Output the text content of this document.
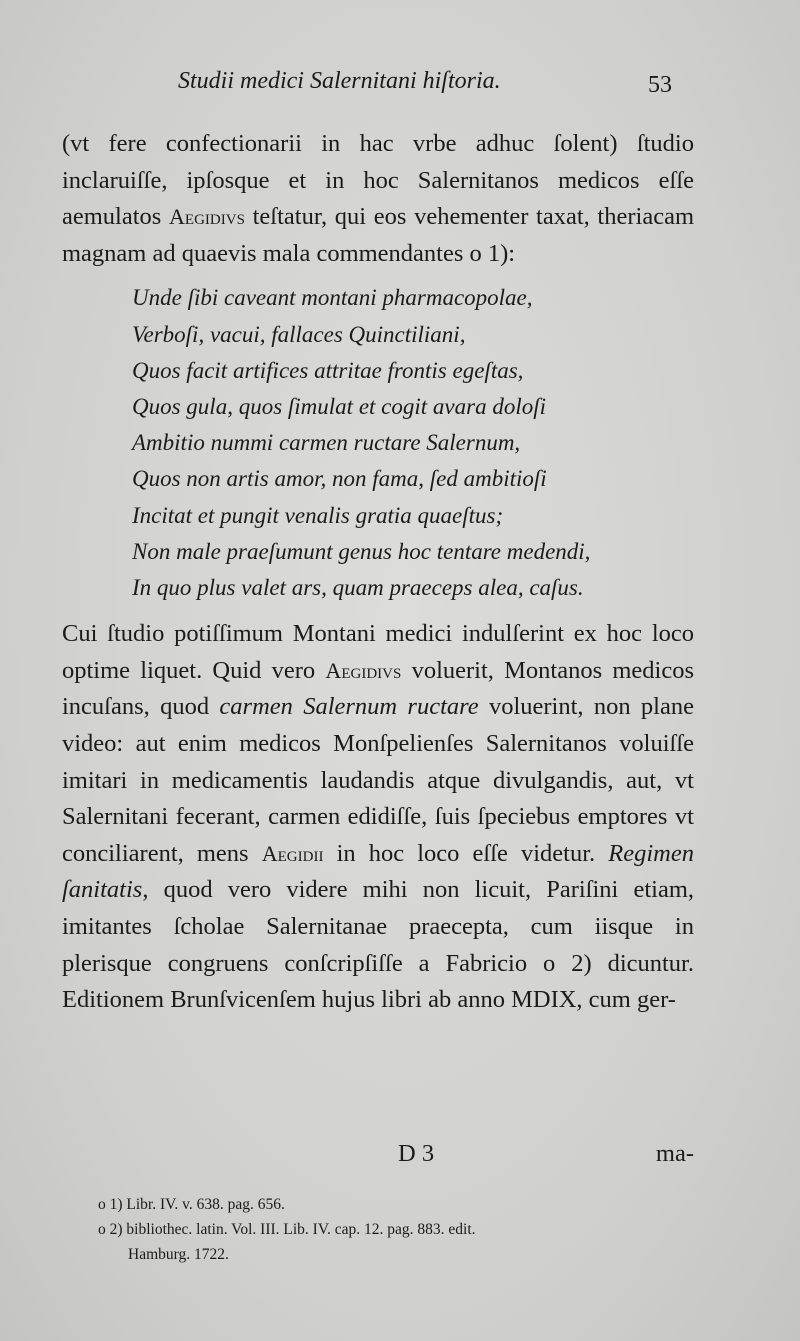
Studii medici Salernitani hiſtoria.	53

(vt fere confectionarii in hac vrbe adhuc ſolent) ſtudio inclaruiſſe, ipſosque et in hoc Salernitanos medicos eſſe aemulatos Aegidivs teſtatur, qui eos vehementer taxat, theriacam magnam ad quaevis mala commendantes o 1):

Unde ſibi caveant montani pharmacopolae,
Verboſi, vacui, fallaces Quinctiliani,
Quos facit artifices attritae frontis egeſtas,
Quos gula, quos ſimulat et cogit avara doloſi
Ambitio nummi carmen ructare Salernum,
Quos non artis amor, non fama, ſed ambitioſi
Incitat et pungit venalis gratia quaeſtus;
Non male praeſumunt genus hoc tentare medendi,
In quo plus valet ars, quam praeceps alea, caſus.

Cui ſtudio potiſſimum Montani medici indulſerint ex hoc loco optime liquet. Quid vero Aegidivs voluerit, Montanos medicos incuſans, quod carmen Salernum ructare voluerint, non plane video: aut enim medicos Monſpelienſes Salernitanos voluiſſe imitari in medicamentis laudandis atque divulgandis, aut, vt Salernitani fecerant, carmen edidiſſe, ſuis ſpeciebus emptores vt conciliarent, mens Aegidii in hoc loco eſſe videtur. Regimen ſanitatis, quod vero videre mihi non licuit, Pariſini etiam, imitantes ſcholae Salernitanae praecepta, cum iisque in plerisque congruens conſcripſiſſe a Fabricio o 2) dicuntur. Editionem Brunſvicenſem hujus libri ab anno MDIX, cum ger-

D 3	ma-
o 1) Libr. IV. v. 638. pag. 656.
o 2) bibliothec. latin. Vol. III. Lib. IV. cap. 12. pag. 883. edit.
Hamburg. 1722.
